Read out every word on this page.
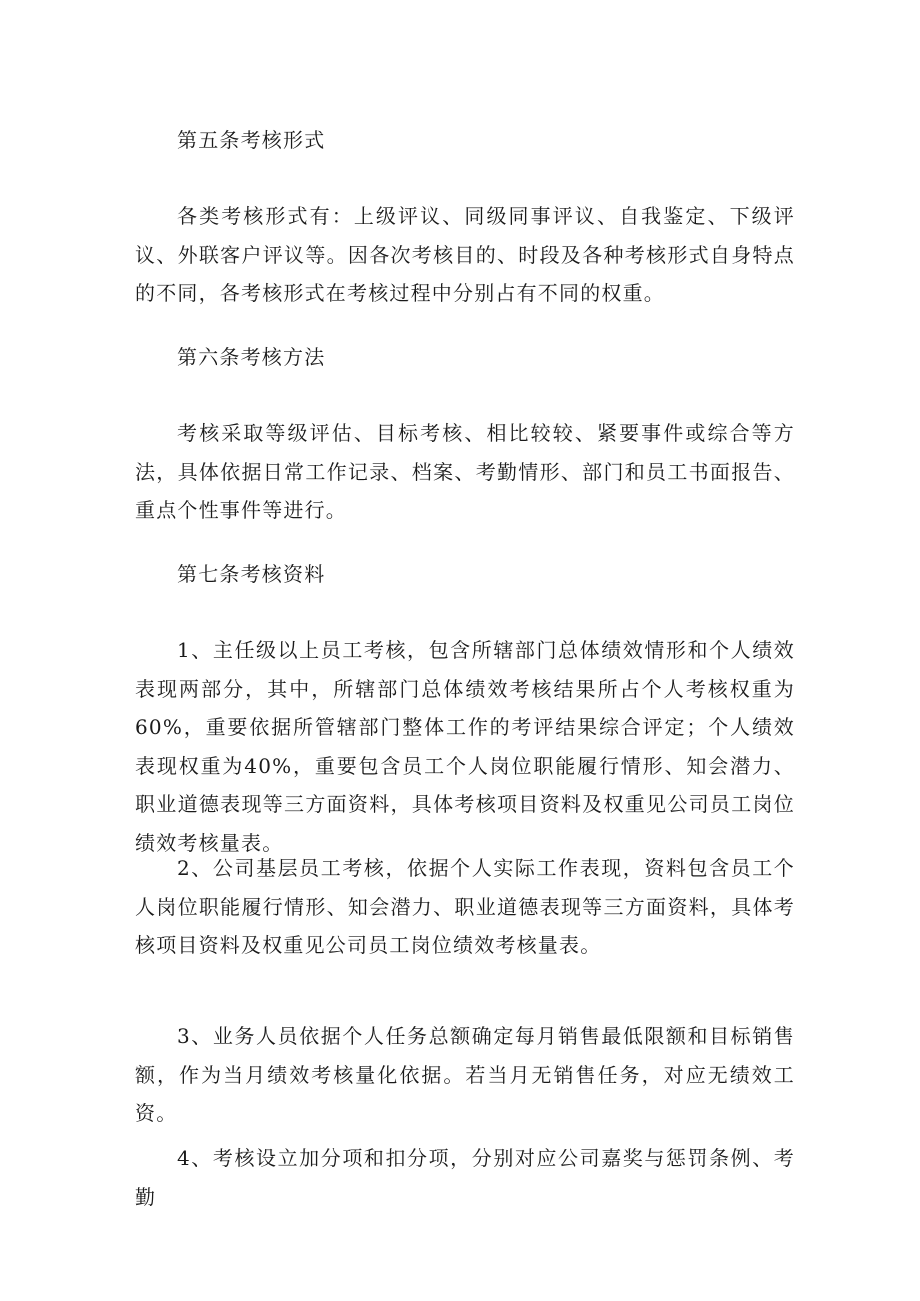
第五条考核形式

各类考核形式有：上级评议、同级同事评议、自我鉴定、下级评议、外联客户评议等。因各次考核目的、时段及各种考核形式自身特点的不同，各考核形式在考核过程中分别占有不同的权重。

第六条考核方法

考核采取等级评估、目标考核、相比较较、紧要事件或综合等方法，具体依据日常工作记录、档案、考勤情形、部门和员工书面报告、重点个性事件等进行。

第七条考核资料

1、主任级以上员工考核，包含所辖部门总体绩效情形和个人绩效表现两部分，其中，所辖部门总体绩效考核结果所占个人考核权重为60%，重要依据所管辖部门整体工作的考评结果综合评定；个人绩效表现权重为40%，重要包含员工个人岗位职能履行情形、知会潜力、职业道德表现等三方面资料，具体考核项目资料及权重见公司员工岗位绩效考核量表。

2、公司基层员工考核，依据个人实际工作表现，资料包含员工个人岗位职能履行情形、知会潜力、职业道德表现等三方面资料，具体考核项目资料及权重见公司员工岗位绩效考核量表。

3、业务人员依据个人任务总额确定每月销售最低限额和目标销售额，作为当月绩效考核量化依据。若当月无销售任务，对应无绩效工资。

4、考核设立加分项和扣分项，分别对应公司嘉奖与惩罚条例、考勤
